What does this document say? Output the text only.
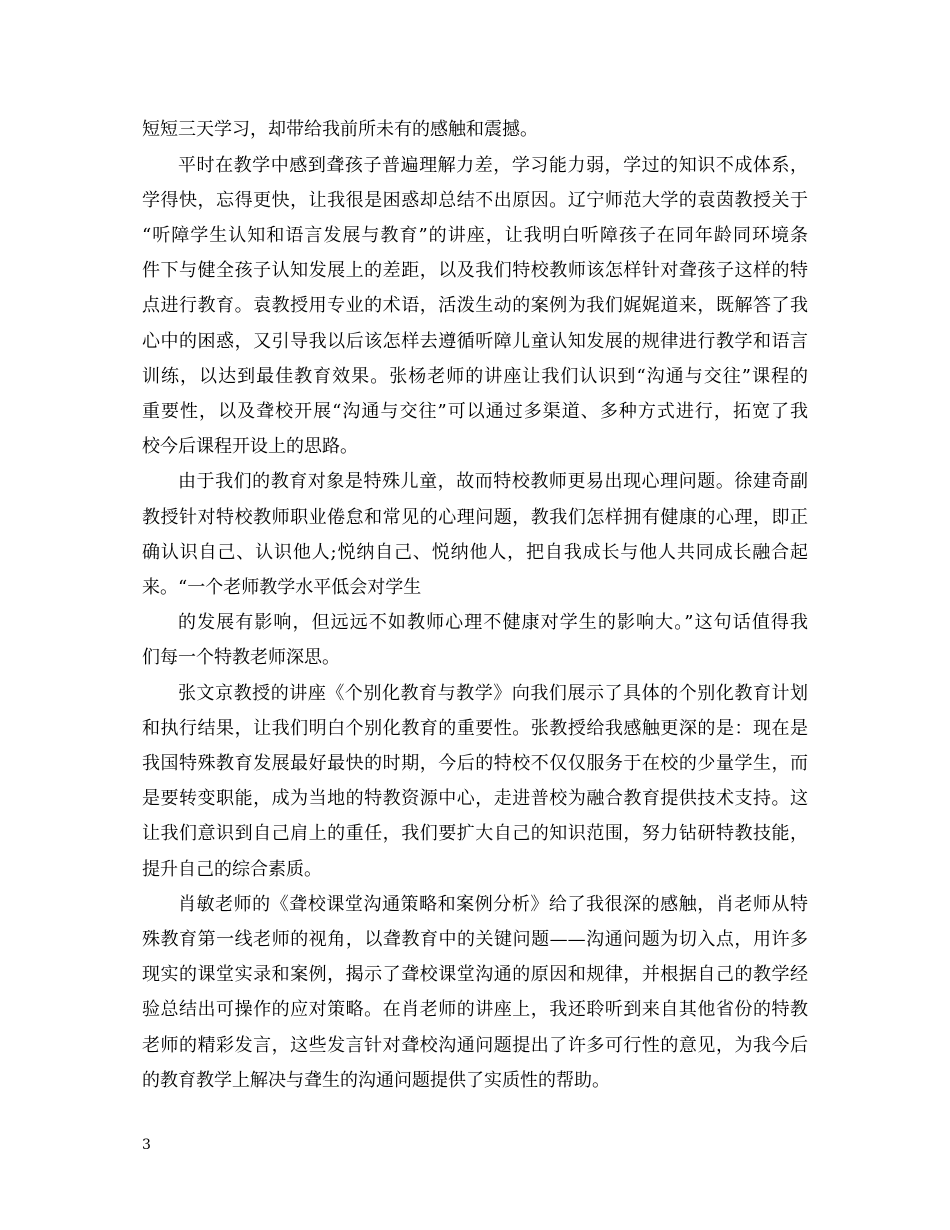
短短三天学习，却带给我前所未有的感触和震撼。
平时在教学中感到聋孩子普遍理解力差，学习能力弱，学过的知识不成体系，
学得快，忘得更快，让我很是困惑却总结不出原因。辽宁师范大学的袁茵教授关于
“听障学生认知和语言发展与教育”的讲座，让我明白听障孩子在同年龄同环境条
件下与健全孩子认知发展上的差距，以及我们特校教师该怎样针对聋孩子这样的特
点进行教育。袁教授用专业的术语，活泼生动的案例为我们娓娓道来，既解答了我
心中的困惑，又引导我以后该怎样去遵循听障儿童认知发展的规律进行教学和语言
训练，以达到最佳教育效果。张杨老师的讲座让我们认识到“沟通与交往”课程的
重要性，以及聋校开展“沟通与交往”可以通过多渠道、多种方式进行，拓宽了我
校今后课程开设上的思路。
由于我们的教育对象是特殊儿童，故而特校教师更易出现心理问题。徐建奇副
教授针对特校教师职业倦怠和常见的心理问题，教我们怎样拥有健康的心理，即正
确认识自己、认识他人;悦纳自己、悦纳他人，把自我成长与他人共同成长融合起
来。“一个老师教学水平低会对学生
的发展有影响，但远远不如教师心理不健康对学生的影响大。”这句话值得我
们每一个特教老师深思。
张文京教授的讲座《个别化教育与教学》向我们展示了具体的个别化教育计划
和执行结果，让我们明白个别化教育的重要性。张教授给我感触更深的是：现在是
我国特殊教育发展最好最快的时期，今后的特校不仅仅服务于在校的少量学生，而
是要转变职能，成为当地的特教资源中心，走进普校为融合教育提供技术支持。这
让我们意识到自己肩上的重任，我们要扩大自己的知识范围，努力钻研特教技能，
提升自己的综合素质。
肖敏老师的《聋校课堂沟通策略和案例分析》给了我很深的感触，肖老师从特
殊教育第一线老师的视角，以聋教育中的关键问题——沟通问题为切入点，用许多
现实的课堂实录和案例，揭示了聋校课堂沟通的原因和规律，并根据自己的教学经
验总结出可操作的应对策略。在肖老师的讲座上，我还聆听到来自其他省份的特教
老师的精彩发言，这些发言针对聋校沟通问题提出了许多可行性的意见，为我今后
的教育教学上解决与聋生的沟通问题提供了实质性的帮助。
3
